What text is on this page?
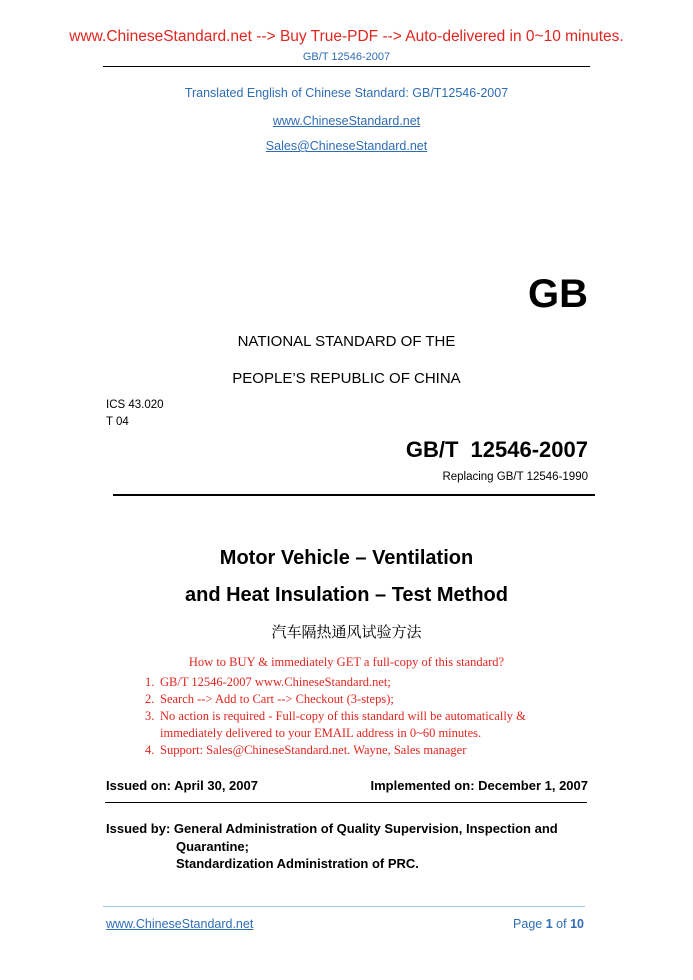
www.ChineseStandard.net --> Buy True-PDF --> Auto-delivered in 0~10 minutes.
GB/T 12546-2007
Translated English of Chinese Standard: GB/T12546-2007
www.ChineseStandard.net
Sales@ChineseStandard.net
GB
NATIONAL STANDARD OF THE
PEOPLE’S REPUBLIC OF CHINA
ICS 43.020
T 04
GB/T 12546-2007
Replacing GB/T 12546-1990
Motor Vehicle – Ventilation
and Heat Insulation – Test Method
汽车隔热通风试验方法
How to BUY & immediately GET a full-copy of this standard?
1. GB/T 12546-2007 www.ChineseStandard.net;
2. Search --> Add to Cart --> Checkout (3-steps);
3. No action is required - Full-copy of this standard will be automatically &
immediately delivered to your EMAIL address in 0~60 minutes.
4. Support: Sales@ChineseStandard.net. Wayne, Sales manager
Issued on: April 30, 2007	Implemented on: December 1, 2007
Issued by: General Administration of Quality Supervision, Inspection and
Quarantine;
Standardization Administration of PRC.
www.ChineseStandard.net	Page 1 of 10
